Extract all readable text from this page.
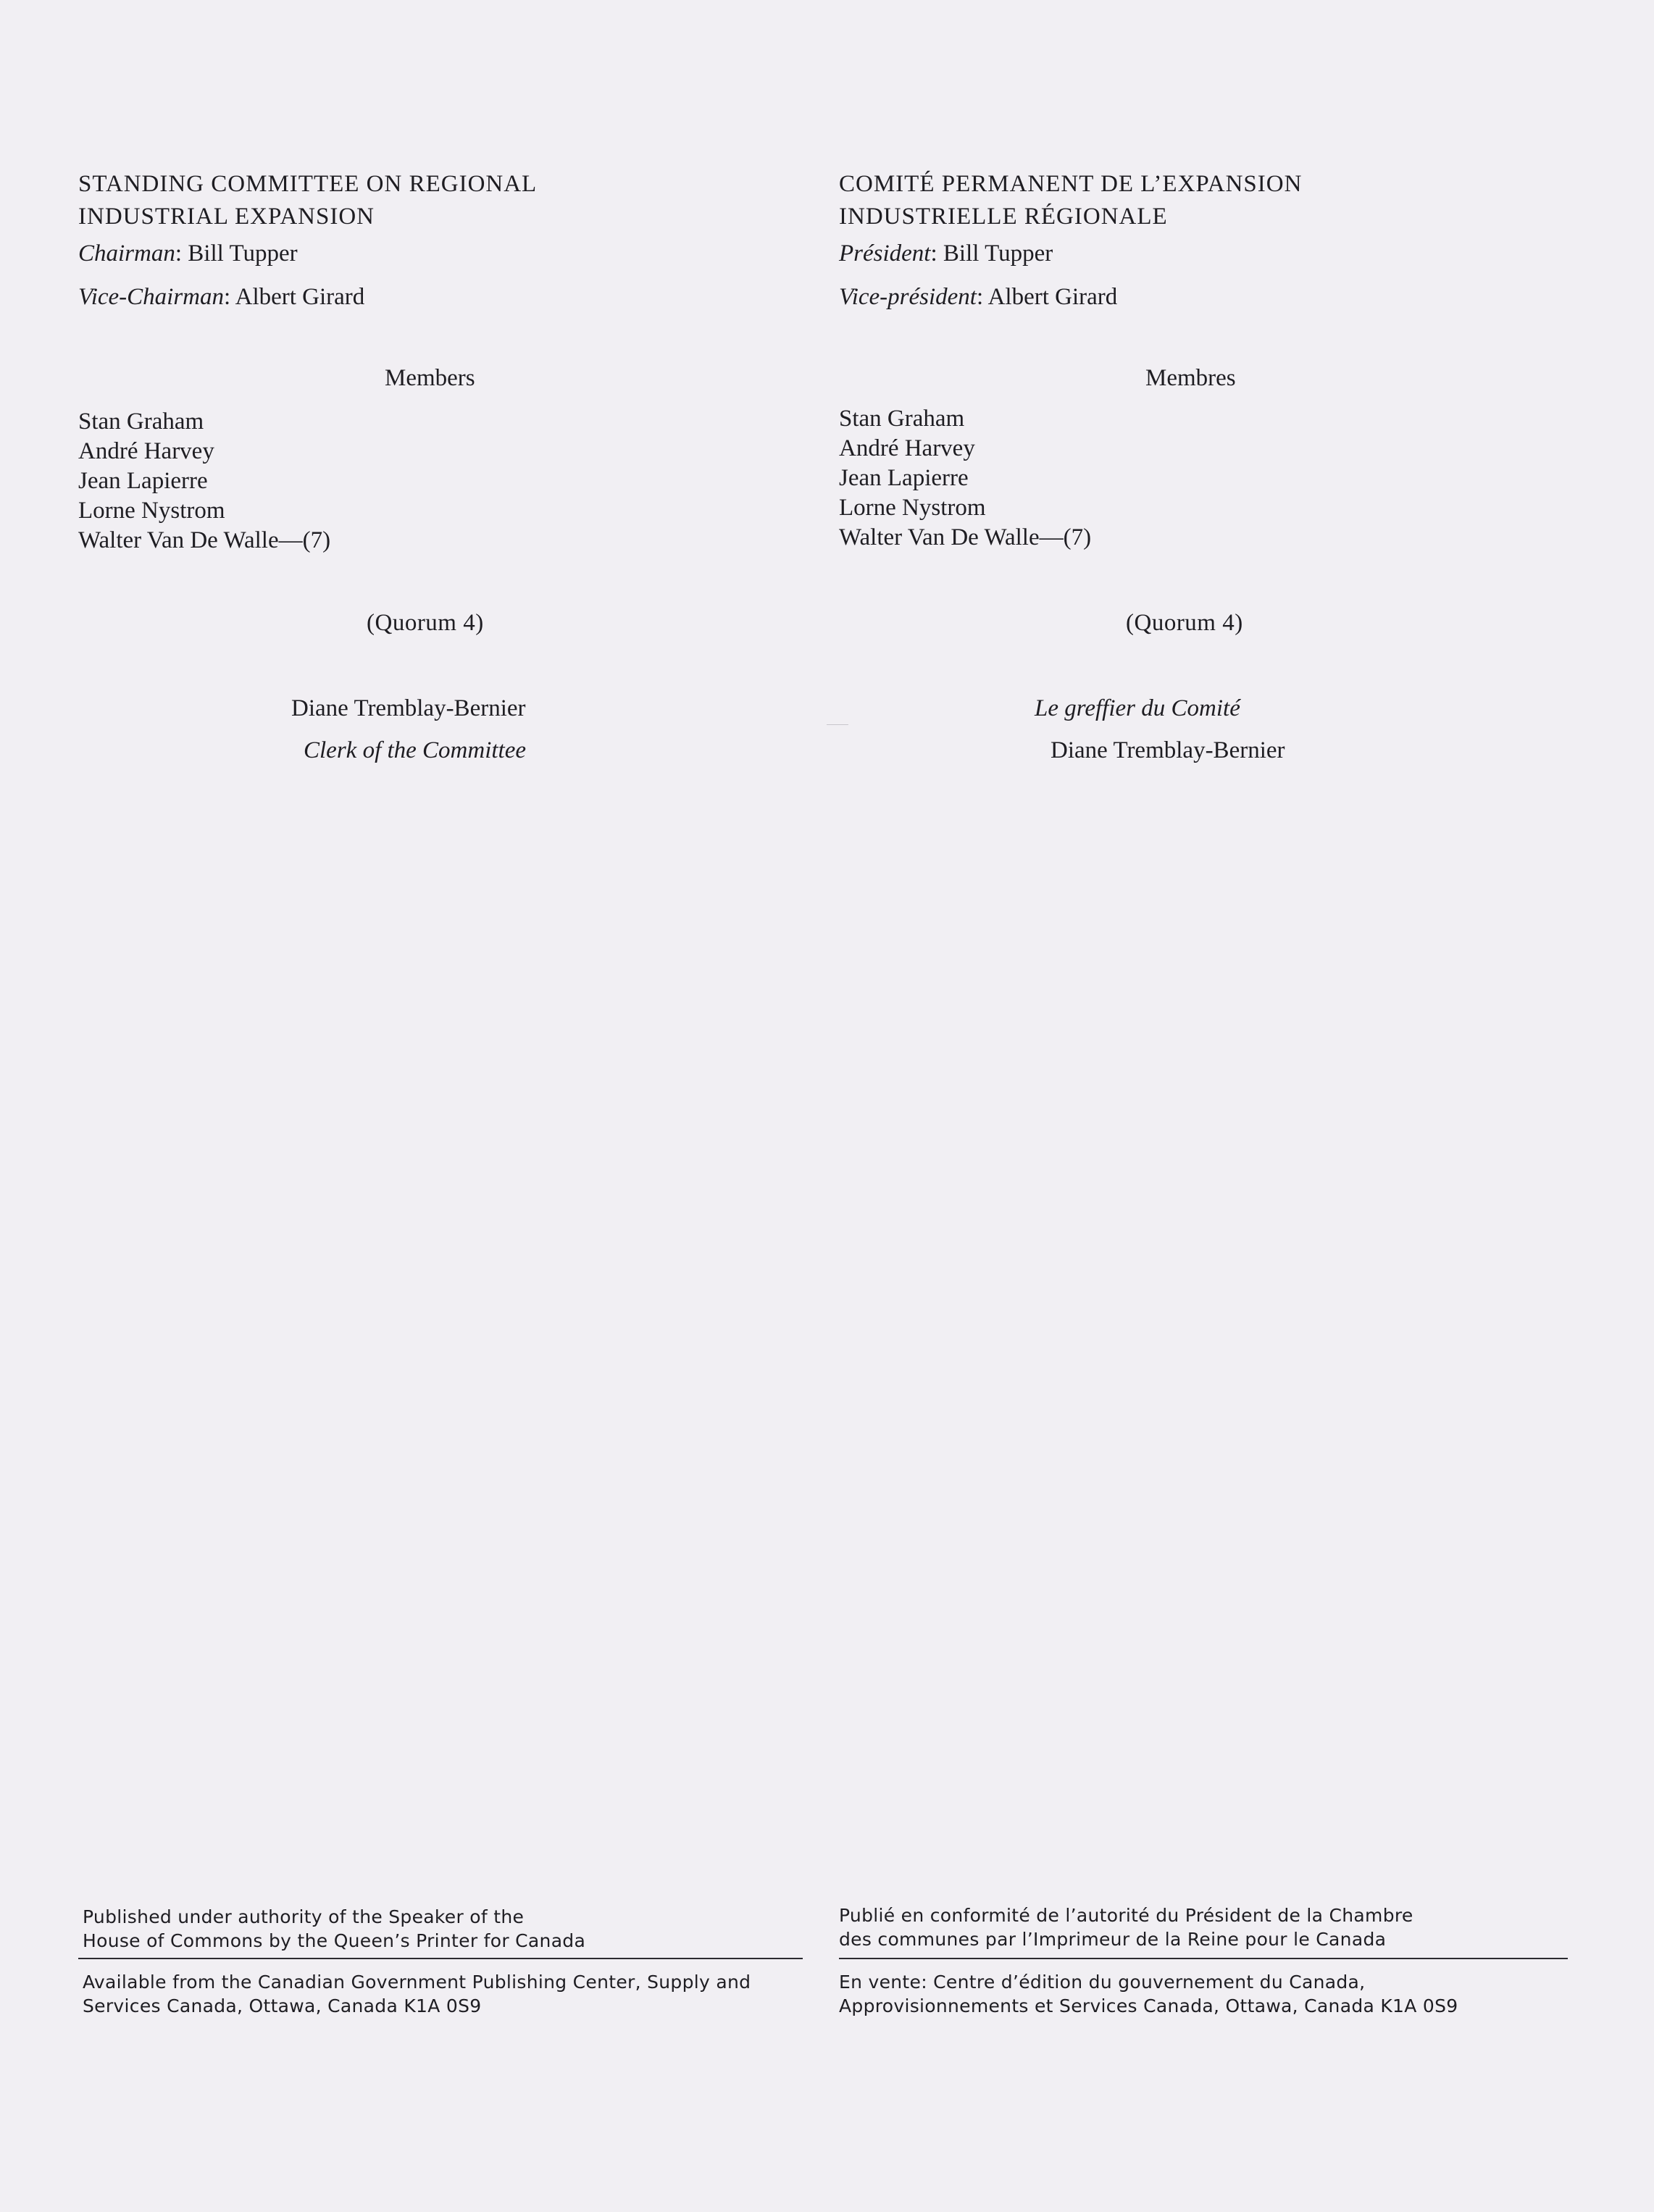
STANDING COMMITTEE ON REGIONAL
INDUSTRIAL EXPANSION
Chairman: Bill Tupper
Vice-Chairman: Albert Girard
Members
Stan Graham
André Harvey
Jean Lapierre
Lorne Nystrom
Walter Van De Walle—(7)
(Quorum 4)
Diane Tremblay-Bernier
Clerk of the Committee
Published under authority of the Speaker of the
House of Commons by the Queen’s Printer for Canada
Available from the Canadian Government Publishing Center, Supply and
Services Canada, Ottawa, Canada K1A 0S9
COMITÉ PERMANENT DE L’EXPANSION
INDUSTRIELLE RÉGIONALE
Président: Bill Tupper
Vice-président: Albert Girard
Membres
Stan Graham
André Harvey
Jean Lapierre
Lorne Nystrom
Walter Van De Walle—(7)
(Quorum 4)
Le greffier du Comité
Diane Tremblay-Bernier
Publié en conformité de l’autorité du Président de la Chambre
des communes par l’Imprimeur de la Reine pour le Canada
En vente: Centre d’édition du gouvernement du Canada,
Approvisionnements et Services Canada, Ottawa, Canada K1A 0S9
